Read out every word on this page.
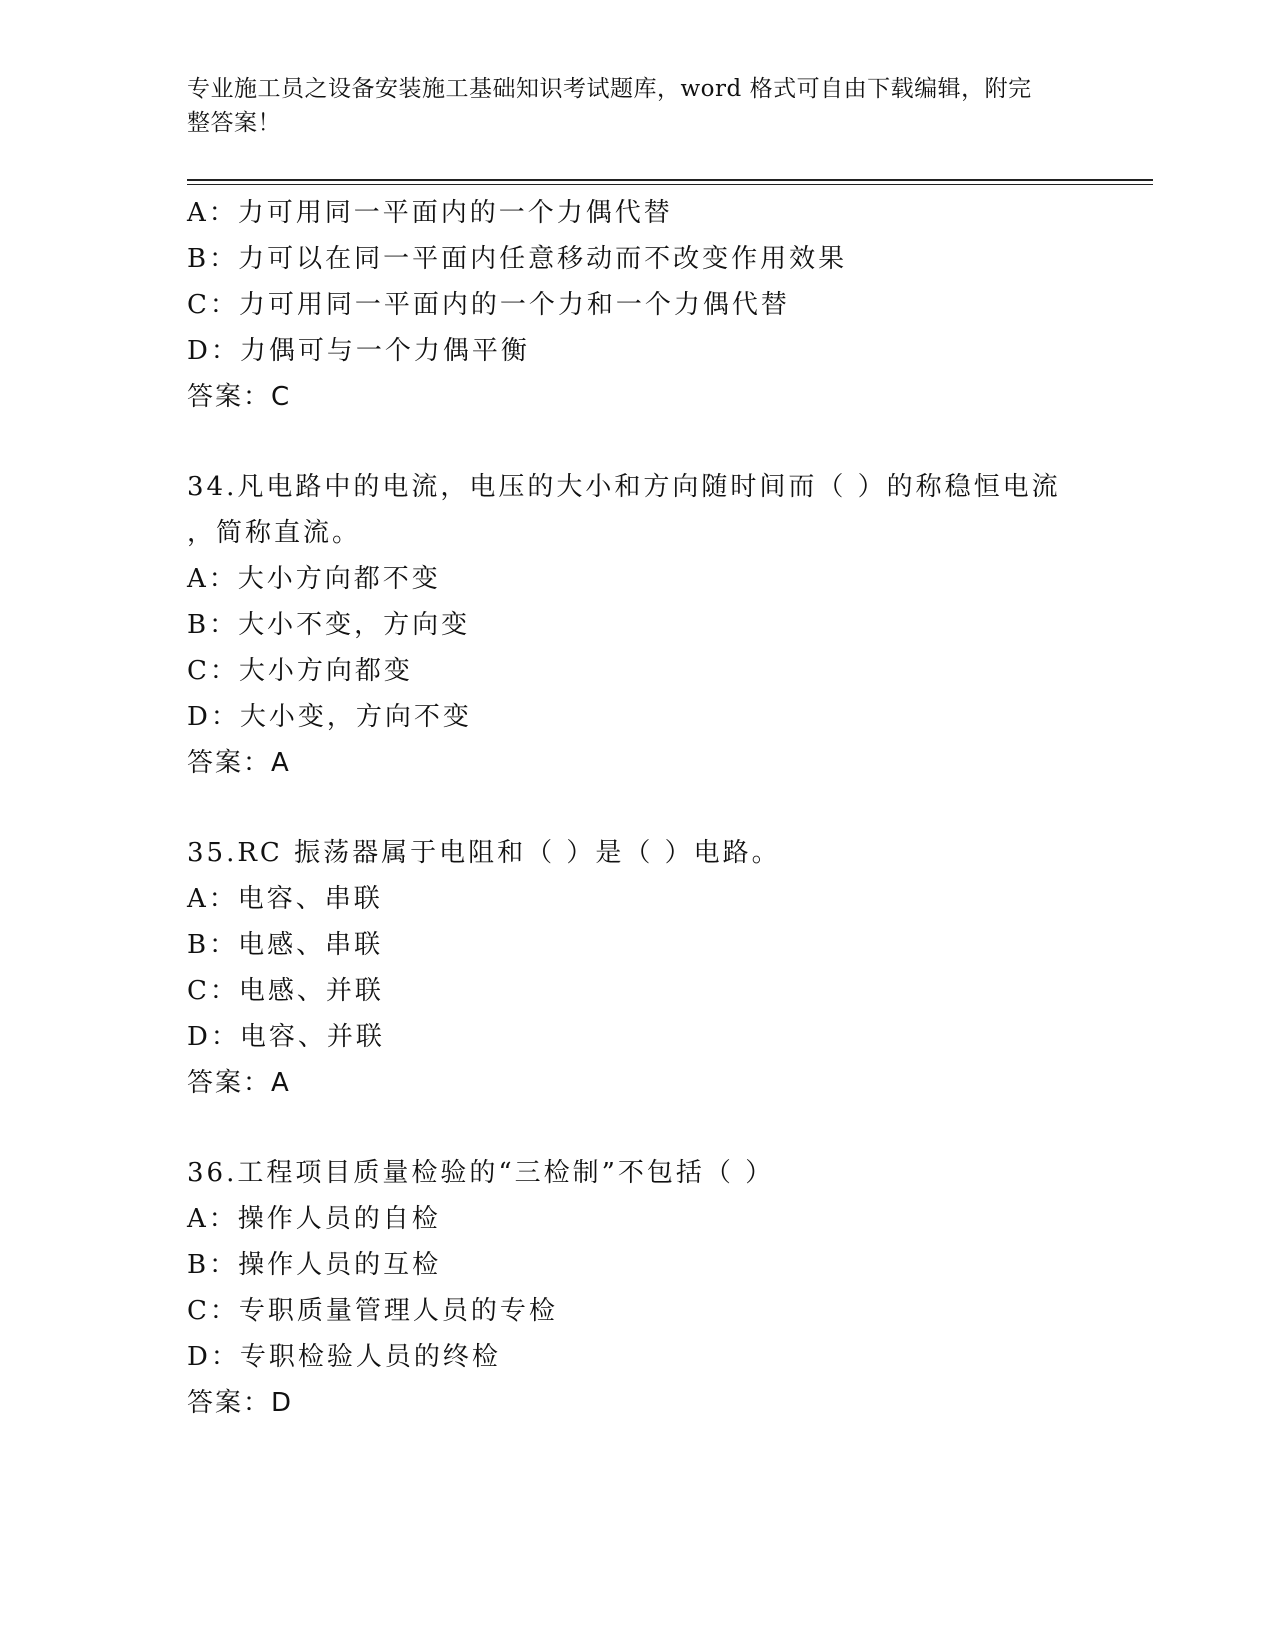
专业施工员之设备安装施工基础知识考试题库，word 格式可自由下载编辑，附完
整答案！
A：力可用同一平面内的一个力偶代替
B：力可以在同一平面内任意移动而不改变作用效果
C：力可用同一平面内的一个力和一个力偶代替
D：力偶可与一个力偶平衡
答案：C
34.凡电路中的电流，电压的大小和方向随时间而（ ）的称稳恒电流
，简称直流。
A：大小方向都不变
B：大小不变，方向变
C：大小方向都变
D：大小变，方向不变
答案：A
35.RC 振荡器属于电阻和（ ）是（ ）电路。
A：电容、串联
B：电感、串联
C：电感、并联
D：电容、并联
答案：A
36.工程项目质量检验的“三检制”不包括（ ）
A：操作人员的自检
B：操作人员的互检
C：专职质量管理人员的专检
D：专职检验人员的终检
答案：D
